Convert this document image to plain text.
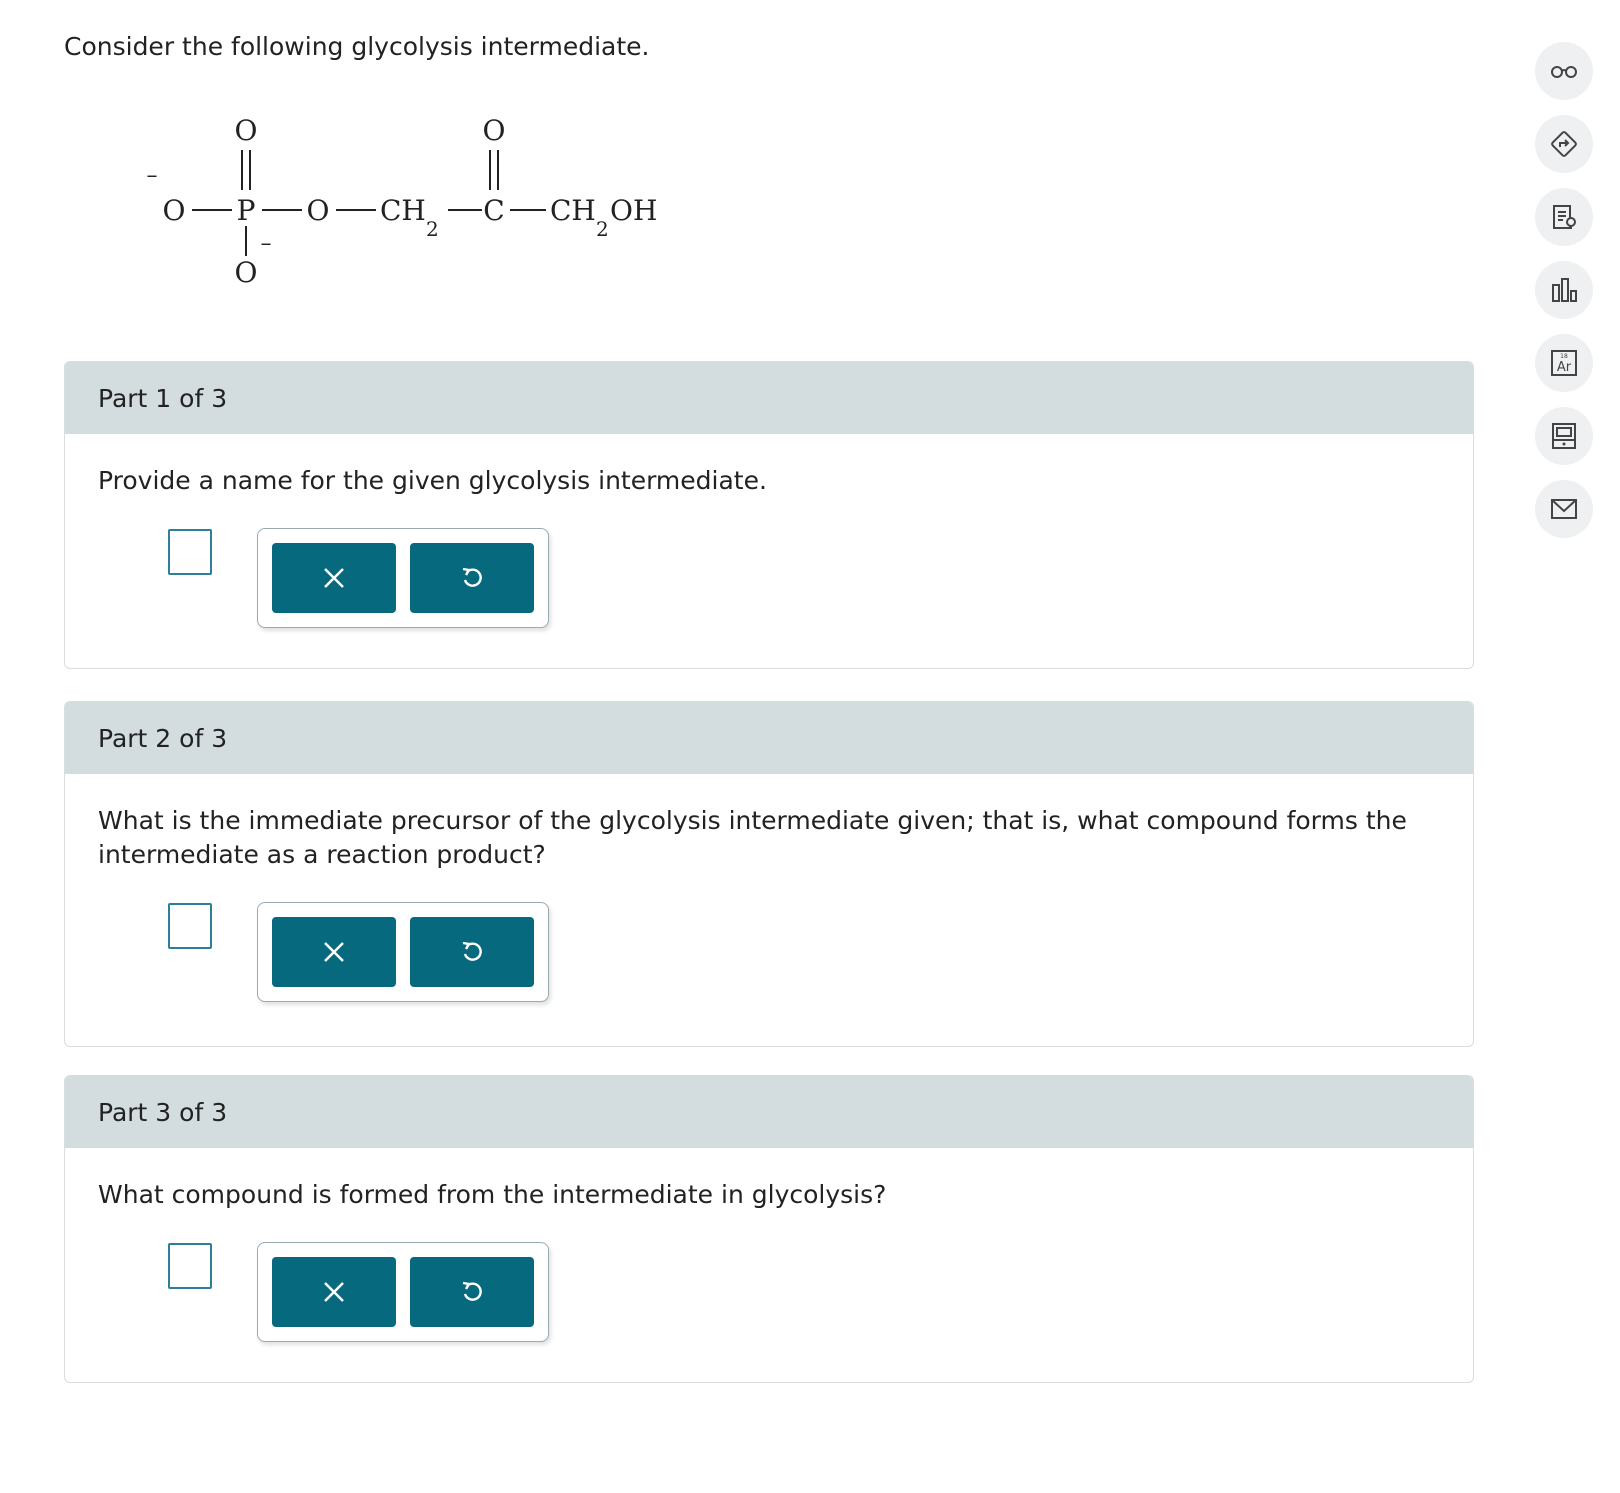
Consider the following glycolysis intermediate.

O	O
–
O P O CH
2
C CH
2
OH
–
O
Part 1 of 3

Provide a name for the given glycolysis intermediate.

Part 2 of 3

What is the immediate precursor of the glycolysis intermediate given; that is, what compound forms the intermediate as a reaction product?

Part 3 of 3

What compound is formed from the intermediate in glycolysis?

18
Ar
